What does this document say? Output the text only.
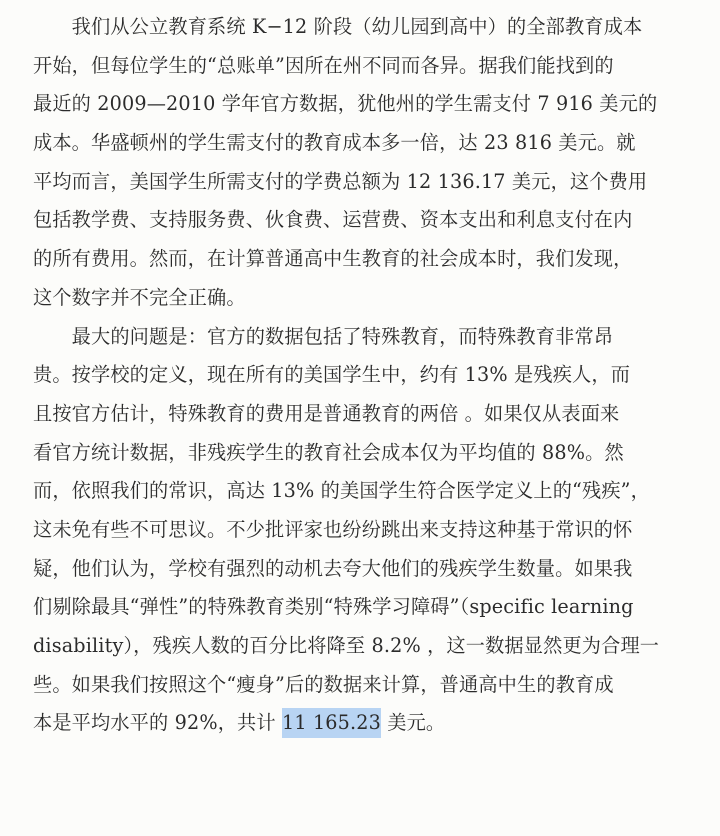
　　我们从公立教育系统 K−12 阶段（幼儿园到高中）的全部教育成本
开始，但每位学生的“总账单”因所在州不同而各异。据我们能找到的
最近的 2009—2010 学年官方数据，犹他州的学生需支付 7 916 美元的
成本。华盛顿州的学生需支付的教育成本多一倍，达 23 816 美元。就
平均而言，美国学生所需支付的学费总额为 12 136.17 美元，这个费用
包括教学费、支持服务费、伙食费、运营费、资本支出和利息支付在内
的所有费用。然而，在计算普通高中生教育的社会成本时，我们发现，
这个数字并不完全正确。
　　最大的问题是：官方的数据包括了特殊教育，而特殊教育非常昂
贵。按学校的定义，现在所有的美国学生中，约有 13% 是残疾人，而
且按官方估计，特殊教育的费用是普通教育的两倍 。如果仅从表面来
看官方统计数据，非残疾学生的教育社会成本仅为平均值的 88%。然
而，依照我们的常识，高达 13% 的美国学生符合医学定义上的“残疾”，
这未免有些不可思议。不少批评家也纷纷跳出来支持这种基于常识的怀
疑，他们认为，学校有强烈的动机去夸大他们的残疾学生数量。如果我
们剔除最具“弹性”的特殊教育类别“特殊学习障碍”（specific learning
disability），残疾人数的百分比将降至 8.2% ，这一数据显然更为合理一
些。如果我们按照这个“瘦身”后的数据来计算，普通高中生的教育成
本是平均水平的 92%，共计 11 165.23 美元。
